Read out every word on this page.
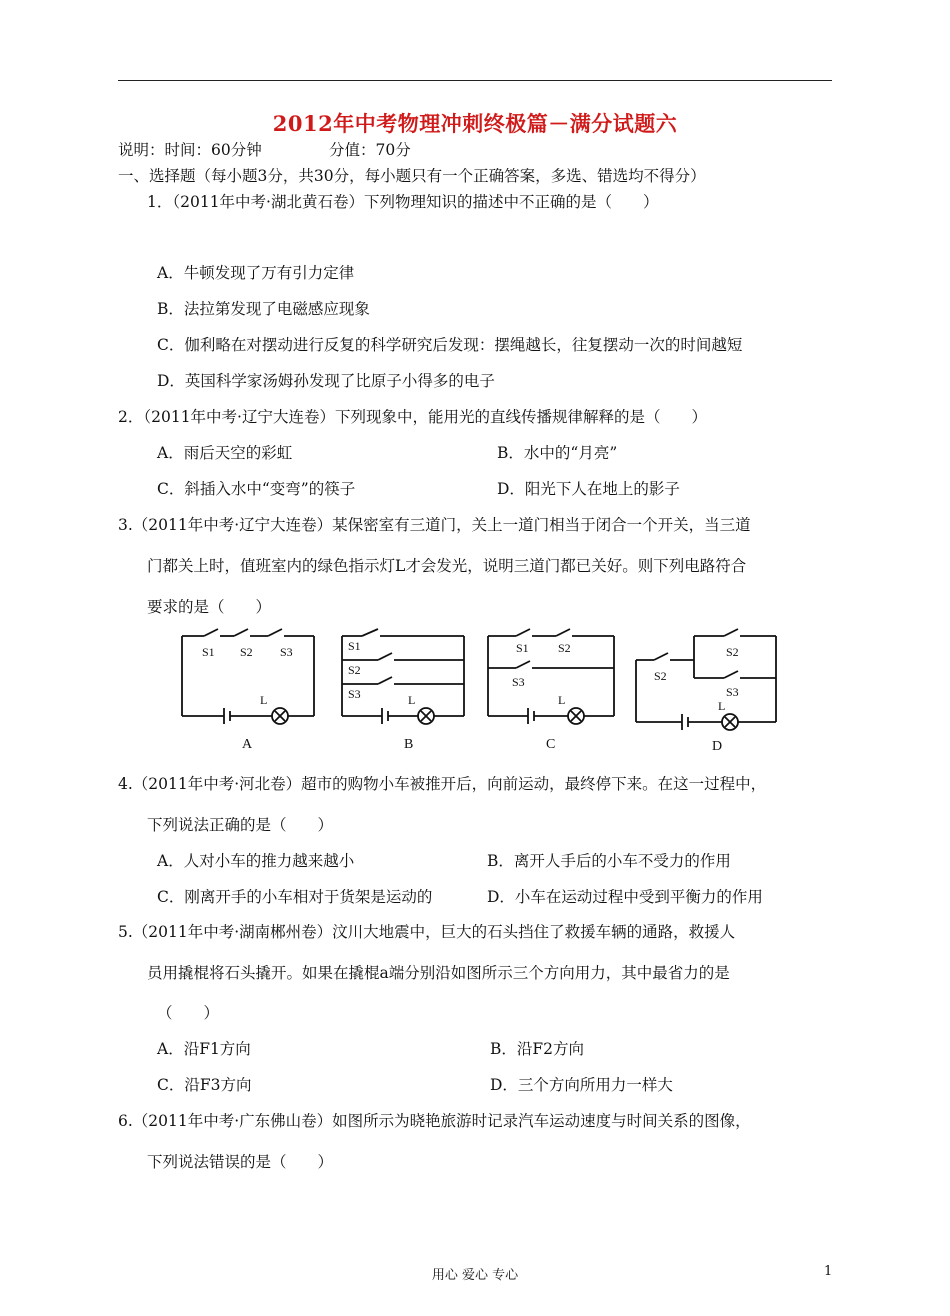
2012年中考物理冲刺终极篇－满分试题六
说明：时间：60分钟	分值：70分
一、选择题（每小题3分，共30分，每小题只有一个正确答案，多选、错选均不得分）
1．（2011年中考·湖北黄石卷）下列物理知识的描述中不正确的是（　　）
A．牛顿发现了万有引力定律
B．法拉第发现了电磁感应现象
C．伽利略在对摆动进行反复的科学研究后发现：摆绳越长，往复摆动一次的时间越短
D．英国科学家汤姆孙发现了比原子小得多的电子
2．（2011年中考·辽宁大连卷）下列现象中，能用光的直线传播规律解释的是（　　）
A．雨后天空的彩虹	B．水中的“月亮”
C．斜插入水中“变弯”的筷子	D．阳光下人在地上的影子
3.（2011年中考·辽宁大连卷）某保密室有三道门，关上一道门相当于闭合一个开关，当三道
门都关上时，值班室内的绿色指示灯L才会发光，说明三道门都已关好。则下列电路符合
要求的是（　　）
S1 S2 S3
L
A
S1
S2
S3	L
B
S1 S2
S3
L
C
S2
S2
S3
L
D
4.（2011年中考·河北卷）超市的购物小车被推开后，向前运动，最终停下来。在这一过程中，
下列说法正确的是（　　）
A．人对小车的推力越来越小	B．离开人手后的小车不受力的作用
C．刚离开手的小车相对于货架是运动的	D．小车在运动过程中受到平衡力的作用
5.（2011年中考·湖南郴州卷）汶川大地震中，巨大的石头挡住了救援车辆的通路，救援人
员用撬棍将石头撬开。如果在撬棍a端分别沿如图所示三个方向用力，其中最省力的是
（　　）
A．沿F1方向	B．沿F2方向
C．沿F3方向	D．三个方向所用力一样大
6.（2011年中考·广东佛山卷）如图所示为晓艳旅游时记录汽车运动速度与时间关系的图像，
下列说法错误的是（　　）
用心 爱心 专心	1
